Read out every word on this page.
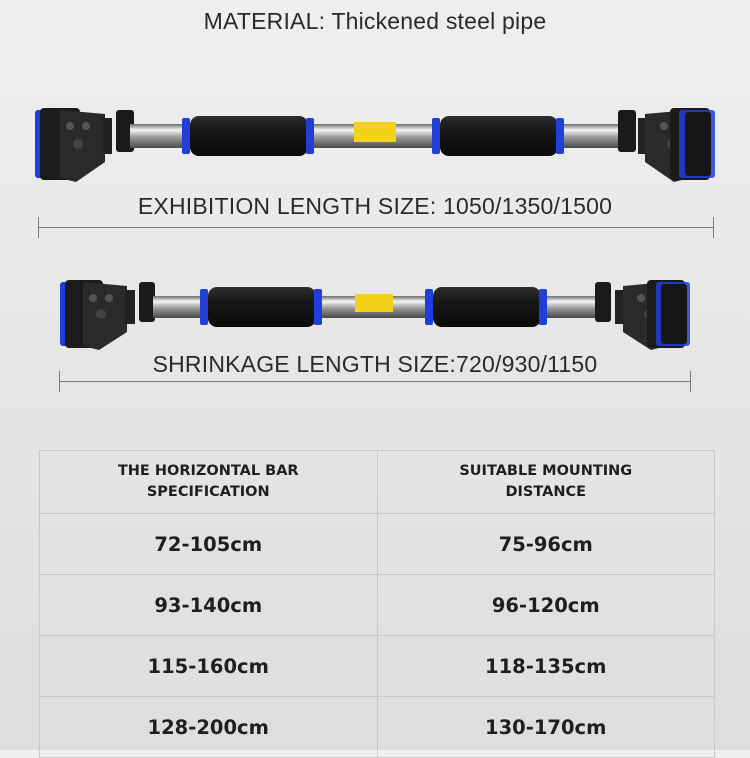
MATERIAL: Thickened steel pipe
EXHIBITION LENGTH SIZE: 1050/1350/1500
SHRINKAGE LENGTH SIZE:720/930/1150
THE HORIZONTAL BAR SPECIFICATION	SUITABLE MOUNTING DISTANCE

72-105cm	75-96cm
93-140cm	96-120cm
115-160cm	118-135cm
128-200cm	130-170cm
